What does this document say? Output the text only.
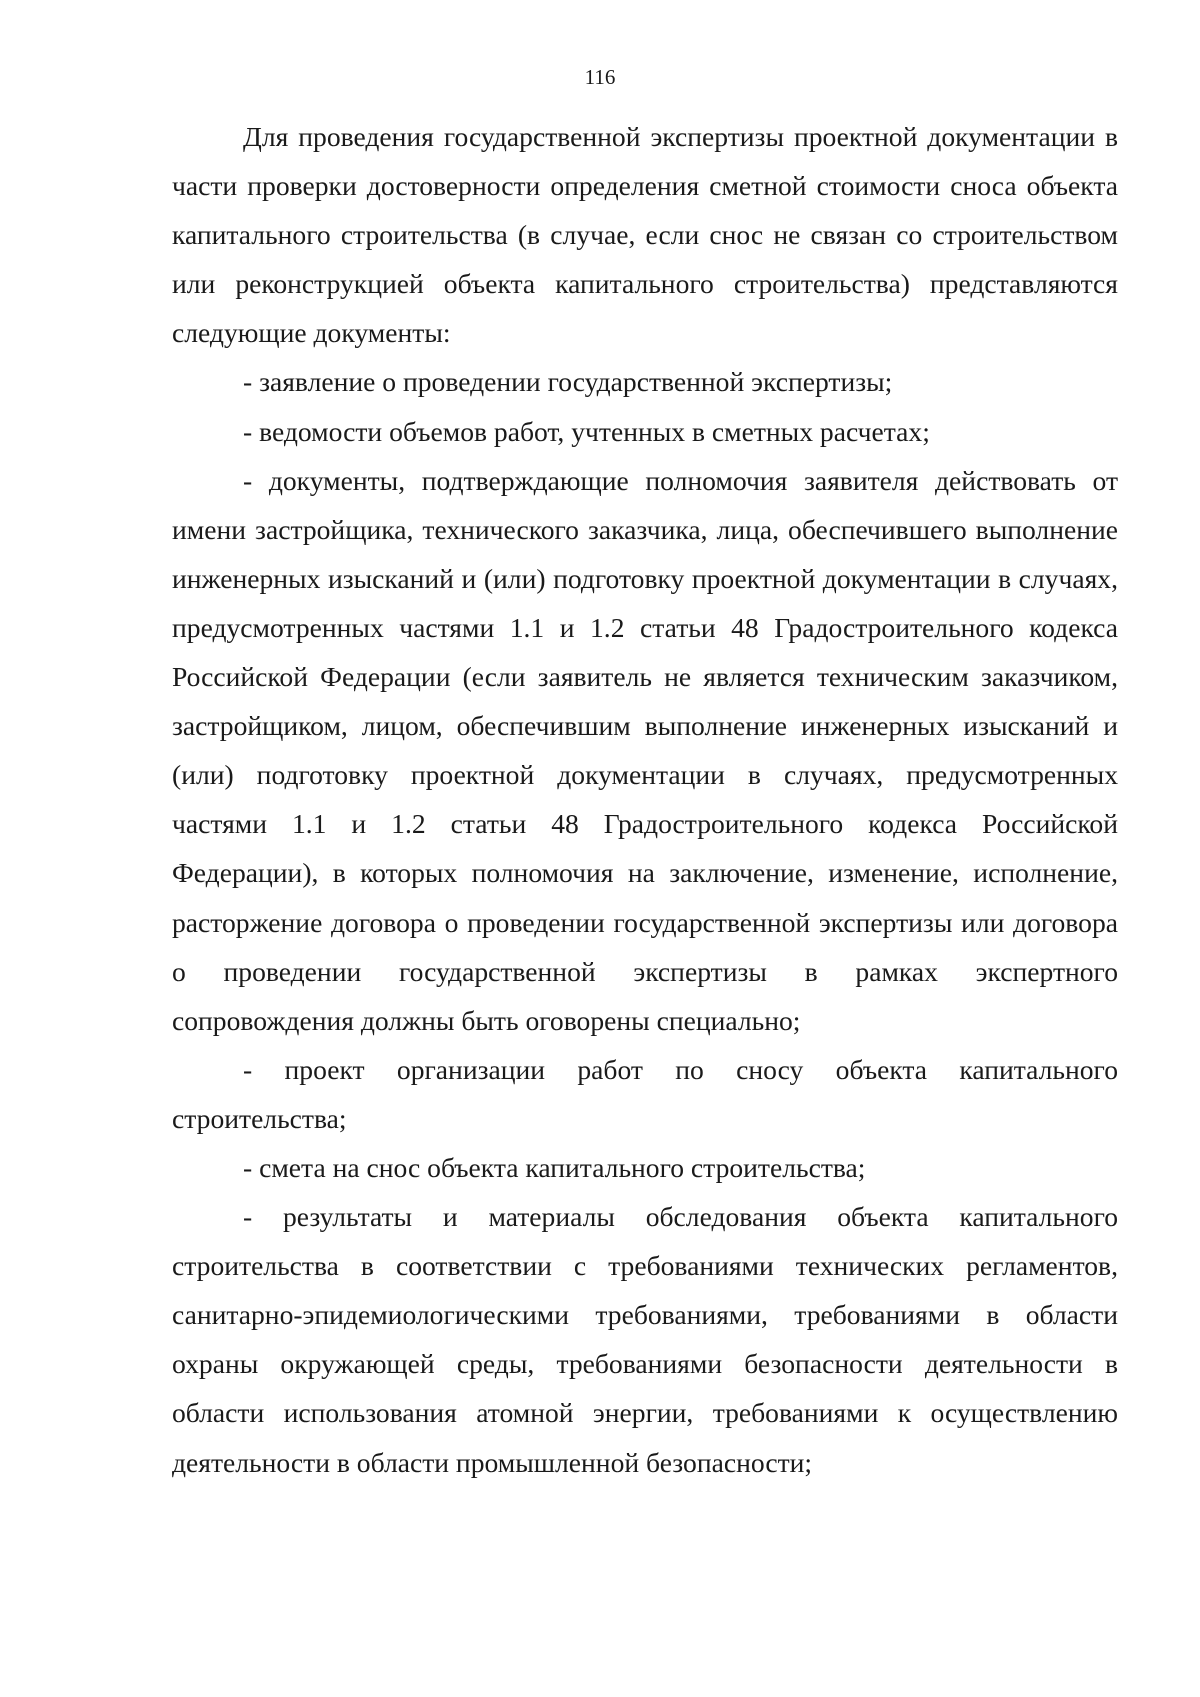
116

Для проведения государственной экспертизы проектной документации в части проверки достоверности определения сметной стоимости сноса объекта капитального строительства (в случае, если снос не связан со строительством или реконструкцией объекта капитального строительства) представляются следующие документы:

- заявление о проведении государственной экспертизы;

- ведомости объемов работ, учтенных в сметных расчетах;

- документы, подтверждающие полномочия заявителя действовать от имени застройщика, технического заказчика, лица, обеспечившего выполнение инженерных изысканий и (или) подготовку проектной документации в случаях, предусмотренных частями 1.1 и 1.2 статьи 48 Градостроительного кодекса Российской Федерации (если заявитель не является техническим заказчиком, застройщиком, лицом, обеспечившим выполнение инженерных изысканий и (или) подготовку проектной документации в случаях, предусмотренных частями 1.1 и 1.2 статьи 48 Градостроительного кодекса Российской Федерации), в которых полномочия на заключение, изменение, исполнение, расторжение договора о проведении государственной экспертизы или договора о проведении государственной экспертизы в рамках экспертного сопровождения должны быть оговорены специально;

- проект организации работ по сносу объекта капитального строительства;

- смета на снос объекта капитального строительства;

- результаты и материалы обследования объекта капитального строительства в соответствии с требованиями технических регламентов, санитарно-эпидемиологическими требованиями, требованиями в области охраны окружающей среды, требованиями безопасности деятельности в области использования атомной энергии, требованиями к осуществлению деятельности в области промышленной безопасности;
